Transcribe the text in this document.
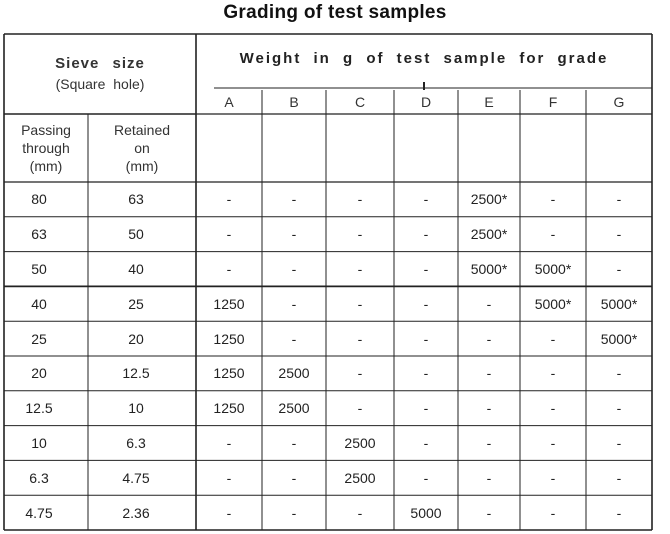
Grading of test samples
Sieve size
(Square hole)
Weight in g of test sample for grade
A	B	C	D	E	F	G
Passing
through
(mm)
Retained
on
(mm)
80	63	-	-	-	-	2500*	-	-
63	50	-	-	-	-	2500*	-	-
50	40	-	-	-	-	5000*	5000*	-
40	25	1250	-	-	-	-	5000*	5000*
25	20	1250	-	-	-	-	-	5000*
20	12.5	1250	2500	-	-	-	-	-
12.5	10	1250	2500	-	-	-	-	-
10	6.3	-	-	2500	-	-	-	-
6.3	4.75	-	-	2500	-	-	-	-
4.75	2.36	-	-	-	5000	-	-	-
